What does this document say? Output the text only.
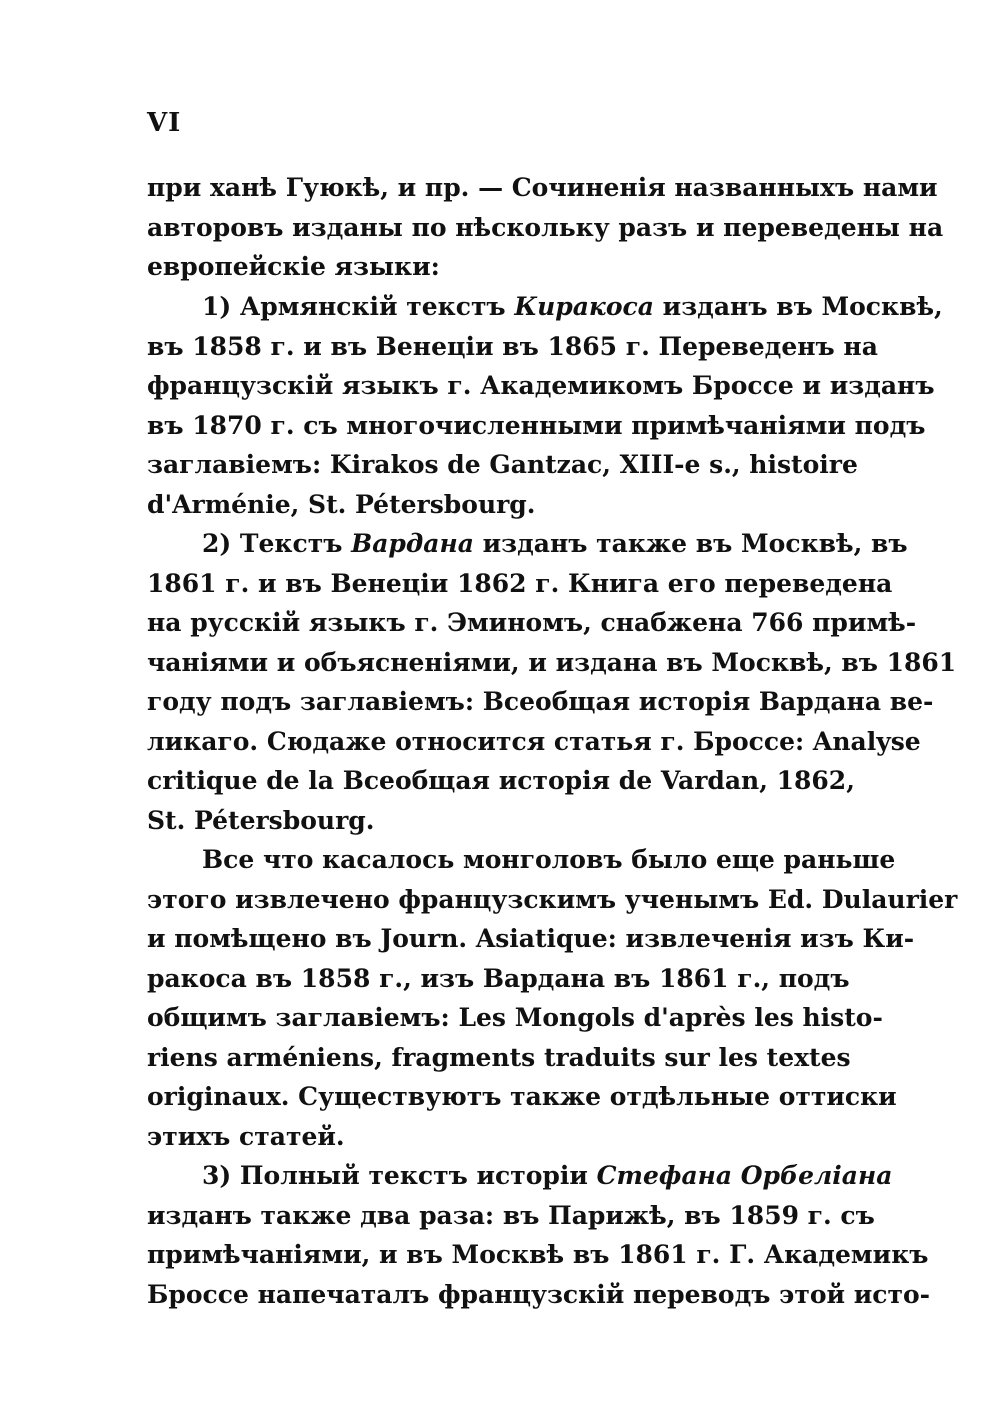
VI
при ханѣ Гуюкѣ, и пр. — Сочиненія названныхъ нами
авторовъ изданы по нѣскольку разъ и переведены на
европейскіе языки:
1) Армянскій текстъ Киракоса изданъ въ Москвѣ,
въ 1858 г. и въ Венеціи въ 1865 г. Переведенъ на
французскій языкъ г. Академикомъ Броссе и изданъ
въ 1870 г. съ многочисленными примѣчаніями подъ
заглавіемъ: Kirakos de Gantzac, XIII-e s., histoire
d'Arménie, St. Pétersbourg.
2) Текстъ Вардана изданъ также въ Москвѣ, въ
1861 г. и въ Венеціи 1862 г. Книга его переведена
на русскій языкъ г. Эминомъ, снабжена 766 примѣ-
чаніями и объясненіями, и издана въ Москвѣ, въ 1861
году подъ заглавіемъ: Всеобщая исторія Вардана ве-
ликаго. Сюдаже относится статья г. Броссе: Analyse
critique de la Всеобщая исторія de Vardan, 1862,
St. Pétersbourg.
Все что касалось монголовъ было еще раньше
этого извлечено французскимъ ученымъ Ed. Dulaurier
и помѣщено въ Journ. Asiatique: извлеченія изъ Ки-
ракоса въ 1858 г., изъ Вардана въ 1861 г., подъ
общимъ заглавіемъ: Les Mongols d'après les histo-
riens arméniens, fragments traduits sur les textes
originaux. Существуютъ также отдѣльные оттиски
этихъ статей.
3) Полный текстъ исторіи Стефана Орбеліана
изданъ также два раза: въ Парижѣ, въ 1859 г. съ
примѣчаніями, и въ Москвѣ въ 1861 г. Г. Академикъ
Броссе напечаталъ французскій переводъ этой исто-
